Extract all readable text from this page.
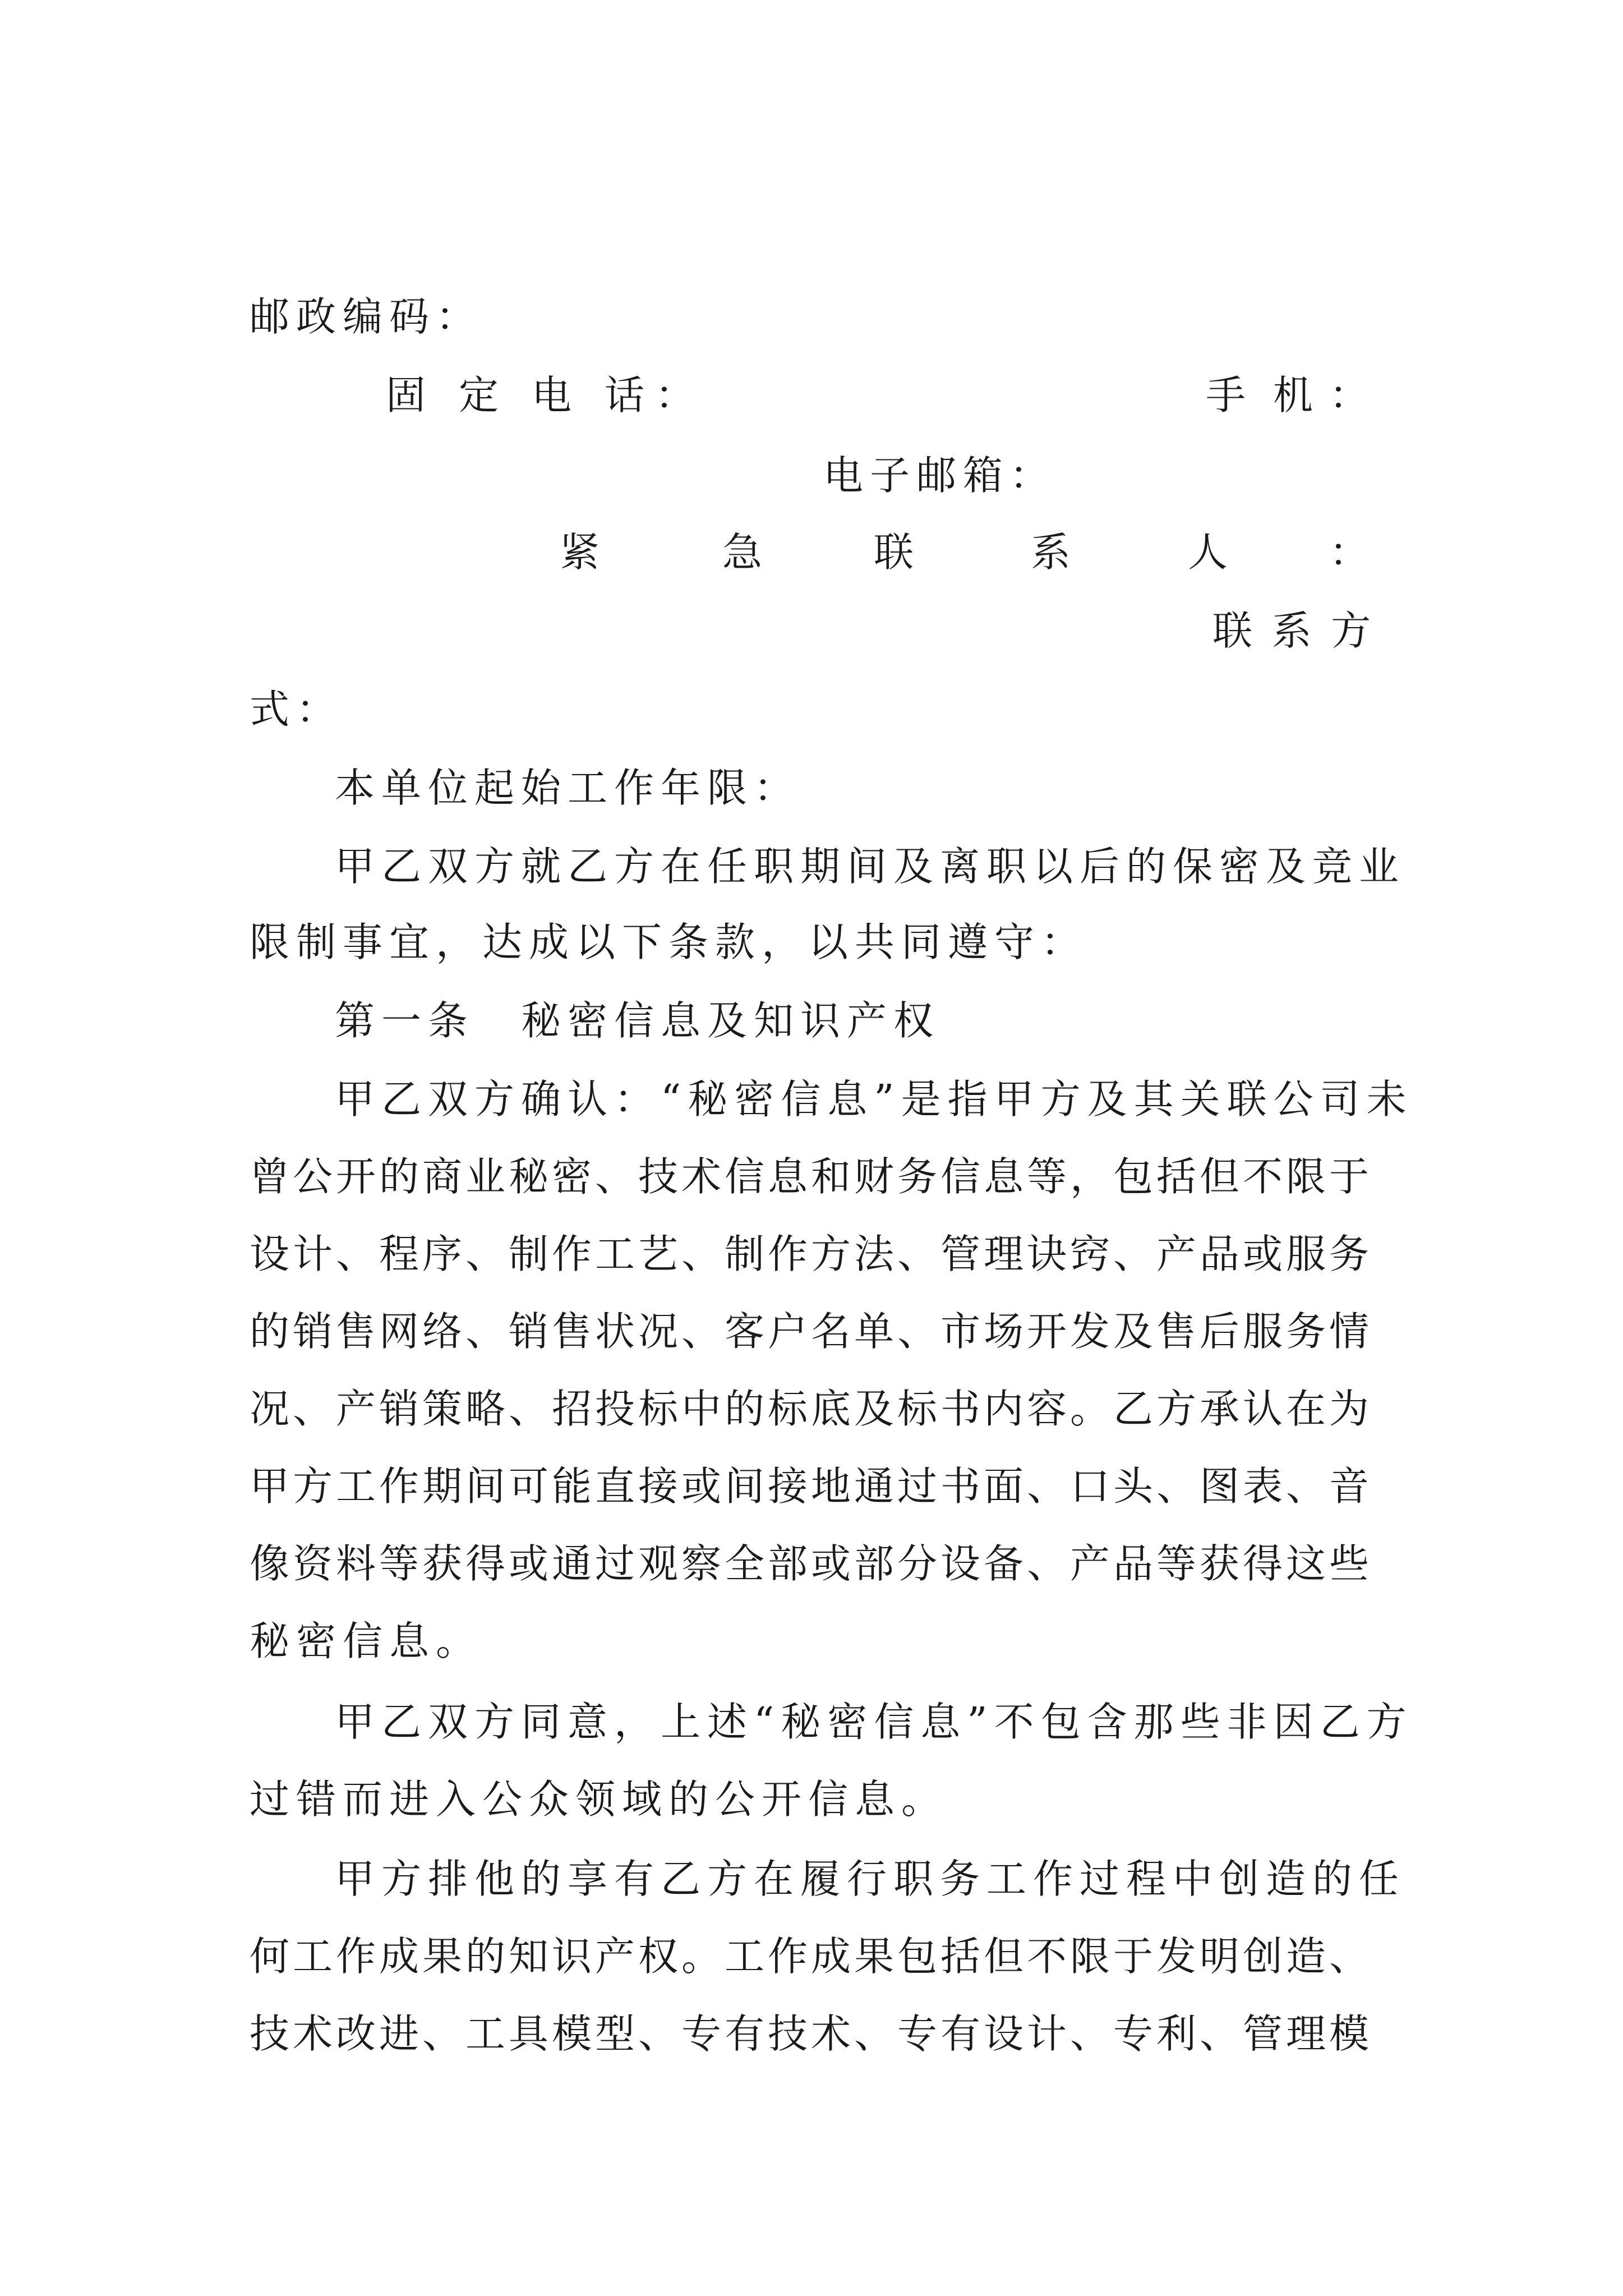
邮政编码：
固 定 电 话 ：	手 机 ：
电子邮箱：
紧	急	联	系	人	：
联 系 方
式：
本单位起始工作年限：
甲乙双方就乙方在任职期间及离职以后的保密及竞业
限制事宜，达成以下条款，以共同遵守：
第一条　秘密信息及知识产权
甲乙双方确认：“秘密信息”是指甲方及其关联公司未
曾公开的商业秘密、技术信息和财务信息等，包括但不限于
设计、程序、制作工艺、制作方法、管理诀窍、产品或服务
的销售网络、销售状况、客户名单、市场开发及售后服务情
况、产销策略、招投标中的标底及标书内容。乙方承认在为
甲方工作期间可能直接或间接地通过书面、口头、图表、音
像资料等获得或通过观察全部或部分设备、产品等获得这些
秘密信息。
甲乙双方同意，上述“秘密信息”不包含那些非因乙方
过错而进入公众领域的公开信息。
甲方排他的享有乙方在履行职务工作过程中创造的任
何工作成果的知识产权。工作成果包括但不限于发明创造、
技术改进、工具模型、专有技术、专有设计、专利、管理模
